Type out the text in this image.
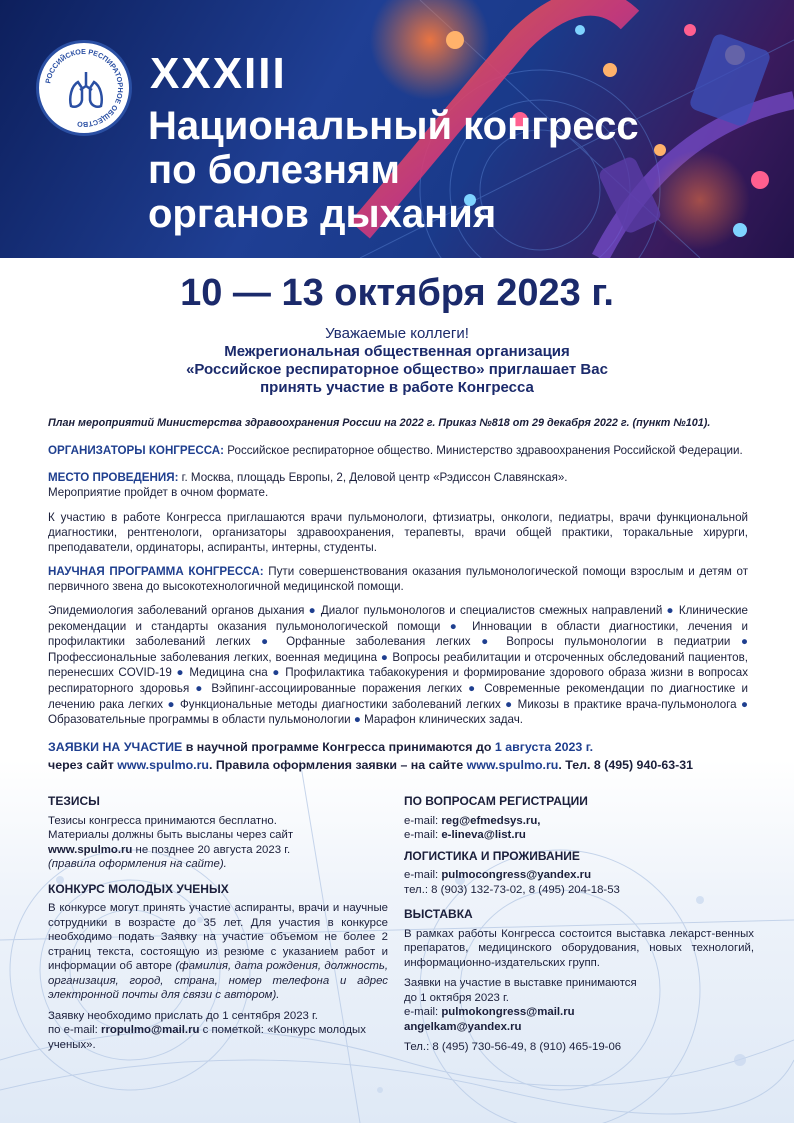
РОССИЙСКОЕ РЕСПИРАТОРНОЕ ОБЩЕСТВО
XXXIII
Национальный конгресс
по болезням
органов дыхания
10 — 13 октября 2023 г.
Уважаемые коллеги!
Межрегиональная общественная организация
«Российское респираторное общество» приглашает Вас
принять участие в работе Конгресса
План мероприятий Министерства здравоохранения России на 2022 г. Приказ №818 от 29 декабря 2022 г. (пункт №101).
ОРГАНИЗАТОРЫ КОНГРЕССА: Российское респираторное общество. Министерство здравоохранения Российской Федерации.
МЕСТО ПРОВЕДЕНИЯ: г. Москва, площадь Европы, 2, Деловой центр «Рэдиссон Славянская».
Мероприятие пройдет в очном формате.
К участию в работе Конгресса приглашаются врачи пульмонологи, фтизиатры, онкологи, педиатры, врачи функциональной диагностики, рентгенологи, организаторы здравоохранения, терапевты, врачи общей практики, торакальные хирурги, преподаватели, ординаторы, аспиранты, интерны, студенты.
НАУЧНАЯ ПРОГРАММА КОНГРЕССА: Пути совершенствования оказания пульмонологической помощи взрослым и детям от первичного звена до высокотехнологичной медицинской помощи.
Эпидемиология заболеваний органов дыхания ● Диалог пульмонологов и специалистов смежных направлений ● Клинические рекомендации и стандарты оказания пульмонологической помощи ● Инновации в области диагностики, лечения и профилактики заболеваний легких ● Орфанные заболевания легких ● Вопросы пульмонологии в педиатрии ● Профессиональные заболевания легких, военная медицина ● Вопросы реабилитации и отсроченных обследований пациентов, перенесших COVID-19 ● Медицина сна ● Профилактика табакокурения и формирование здорового образа жизни в вопросах респираторного здоровья ● Вэйпинг-ассоциированные поражения легких ● Современные рекомендации по диагностике и лечению рака легких ● Функциональные методы диагностики заболеваний легких ● Микозы в практике врача-пульмонолога ● Образовательные программы в области пульмонологии ● Марафон клинических задач.
ЗАЯВКИ НА УЧАСТИЕ в научной программе Конгресса принимаются до 1 августа 2023 г.
через сайт www.spulmo.ru. Правила оформления заявки – на сайте www.spulmo.ru. Тел. 8 (495) 940-63-31
ТЕЗИСЫ
Тезисы конгресса принимаются бесплатно.
Материалы должны быть высланы через сайт
www.spulmo.ru не позднее 20 августа 2023 г.
(правила оформления на сайте).
КОНКУРС МОЛОДЫХ УЧЕНЫХ
В конкурсе могут принять участие аспиранты, врачи и научные сотрудники в возрасте до 35 лет. Для участия в конкурсе необходимо подать Заявку на участие объемом не более 2 страниц текста, состоящую из резюме с указанием работ и информации об авторе (фамилия, дата рождения, должность, организация, город, страна, номер телефона и адрес электронной почты для связи с автором).
Заявку необходимо прислать до 1 сентября 2023 г.
по e-mail: rropulmo@mail.ru с пометкой: «Конкурс молодых ученых».
ПО ВОПРОСАМ РЕГИСТРАЦИИ
e-mail: reg@efmedsys.ru,
e-mail: e-lineva@list.ru
ЛОГИСТИКА И ПРОЖИВАНИЕ
e-mail: pulmocongress@yandex.ru
тел.: 8 (903) 132-73-02, 8 (495) 204-18-53
ВЫСТАВКА
В рамках работы Конгресса состоится выставка лекарст-венных препаратов, медицинского оборудования, новых технологий, информационно-издательских групп.
Заявки на участие в выставке принимаются
до 1 октября 2023 г.
e-mail: pulmokongress@mail.ru
angelkam@yandex.ru
Тел.: 8 (495) 730-56-49, 8 (910) 465-19-06
